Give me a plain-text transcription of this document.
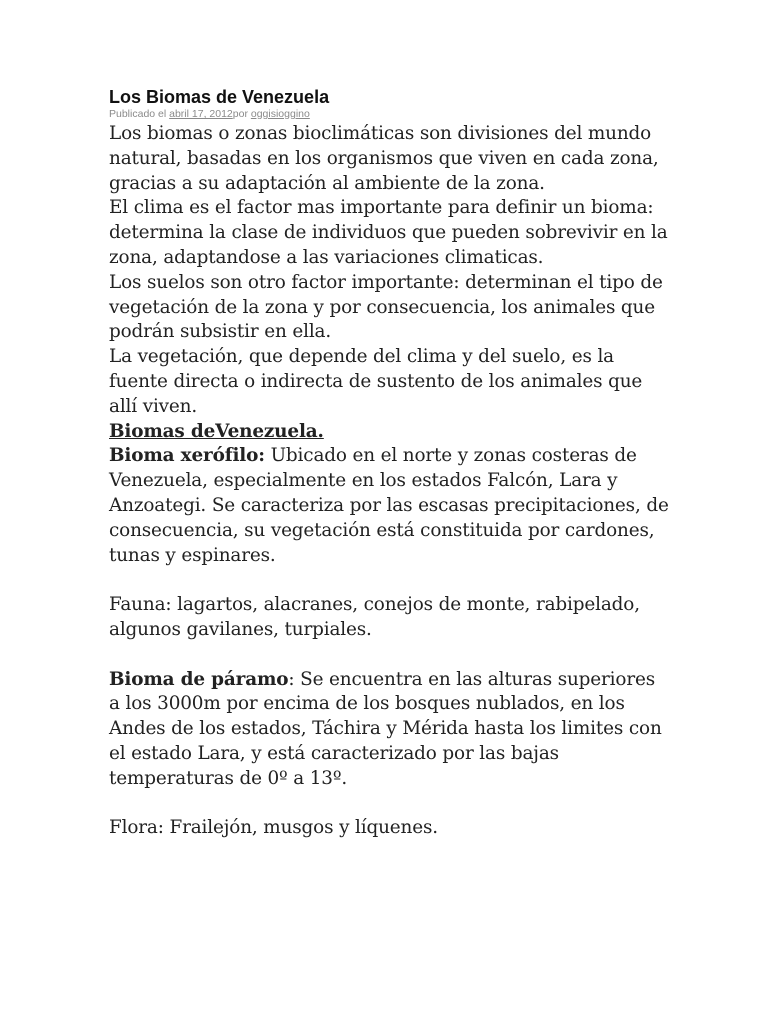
Los Biomas de Venezuela
Publicado el abril 17, 2012por oggisioggino

Los biomas o zonas bioclimáticas son divisiones del mundo natural, basadas en los organismos que viven en cada zona, gracias a su adaptación al ambiente de la zona.

El clima es el factor mas importante para definir un bioma: determina la clase de individuos que pueden sobrevivir en la zona, adaptandose a las variaciones climaticas.

Los suelos son otro factor importante: determinan el tipo de vegetación de la zona y por consecuencia, los animales que podrán subsistir en ella.

La vegetación, que depende del clima y del suelo, es la fuente directa o indirecta de sustento de los animales que allí viven.

Biomas deVenezuela.

Bioma xerófilo: Ubicado en el norte y zonas costeras de Venezuela, especialmente en los estados Falcón, Lara y Anzoategi. Se caracteriza por las escasas precipitaciones, de consecuencia, su vegetación está constituida por cardones, tunas y espinares.

Fauna: lagartos, alacranes, conejos de monte, rabipelado, algunos gavilanes, turpiales.

Bioma de páramo: Se encuentra en las alturas superiores a los 3000m por encima de los bosques nublados, en los Andes de los estados, Táchira y Mérida hasta los limites con el estado Lara, y está caracterizado por las bajas temperaturas de 0º a 13º.

Flora: Frailejón, musgos y líquenes.
